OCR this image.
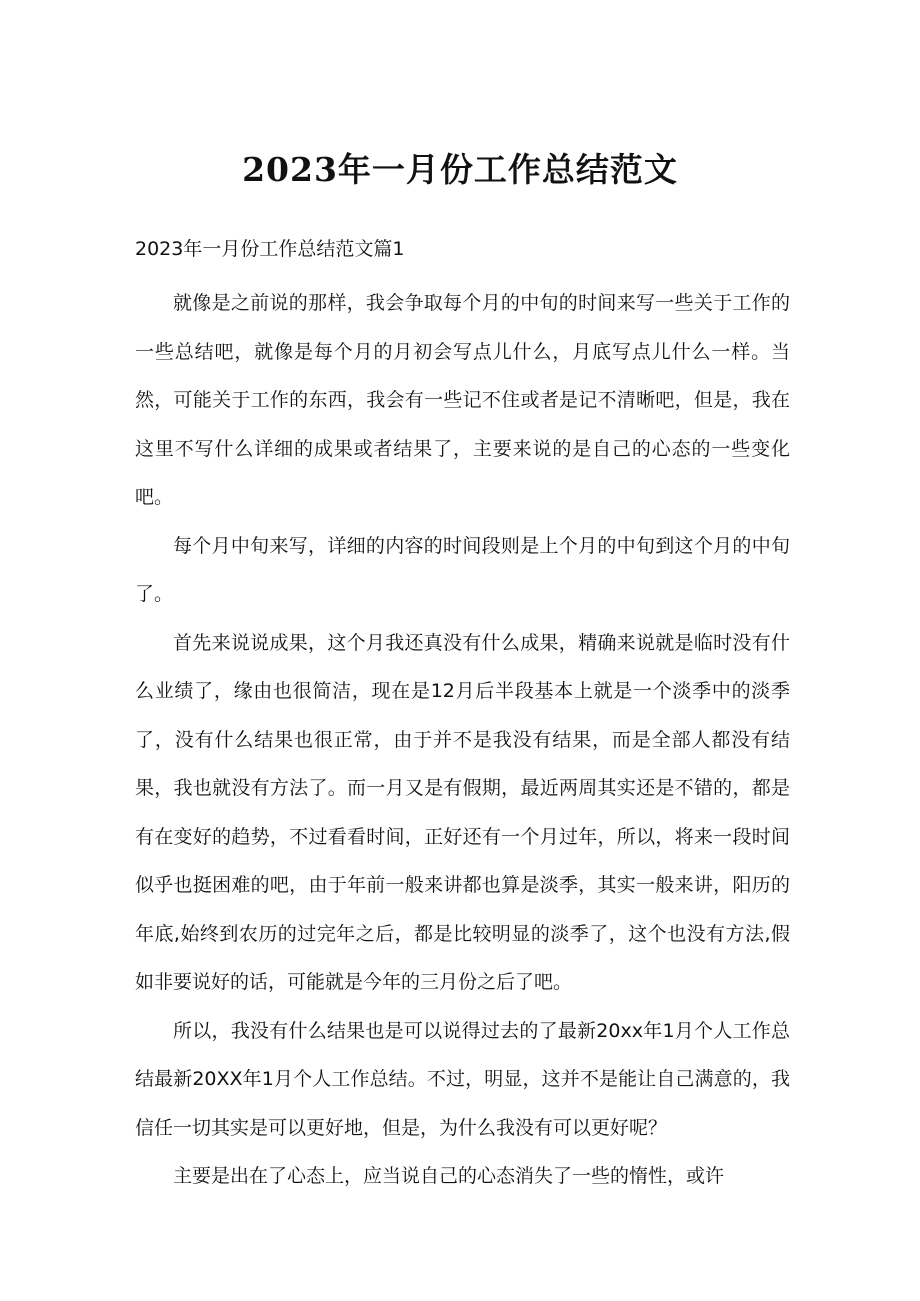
2023年一月份工作总结范文
2023年一月份工作总结范文篇1

就像是之前说的那样，我会争取每个月的中旬的时间来写一些关于工作的一些总结吧，就像是每个月的月初会写点儿什么，月底写点儿什么一样。当然，可能关于工作的东西，我会有一些记不住或者是记不清晰吧，但是，我在这里不写什么详细的成果或者结果了，主要来说的是自己的心态的一些变化吧。

每个月中旬来写，详细的内容的时间段则是上个月的中旬到这个月的中旬了。

首先来说说成果，这个月我还真没有什么成果，精确来说就是临时没有什么业绩了，缘由也很简洁，现在是12月后半段基本上就是一个淡季中的淡季了，没有什么结果也很正常，由于并不是我没有结果，而是全部人都没有结果，我也就没有方法了。而一月又是有假期，最近两周其实还是不错的，都是有在变好的趋势，不过看看时间，正好还有一个月过年，所以，将来一段时间似乎也挺困难的吧，由于年前一般来讲都也算是淡季，其实一般来讲，阳历的年底,始终到农历的过完年之后，都是比较明显的淡季了，这个也没有方法,假如非要说好的话，可能就是今年的三月份之后了吧。

所以，我没有什么结果也是可以说得过去的了最新20xx年1月个人工作总结最新20XX年1月个人工作总结。不过，明显，这并不是能让自己满意的，我信任一切其实是可以更好地，但是，为什么我没有可以更好呢？

主要是出在了心态上，应当说自己的心态消失了一些的惰性，或许
